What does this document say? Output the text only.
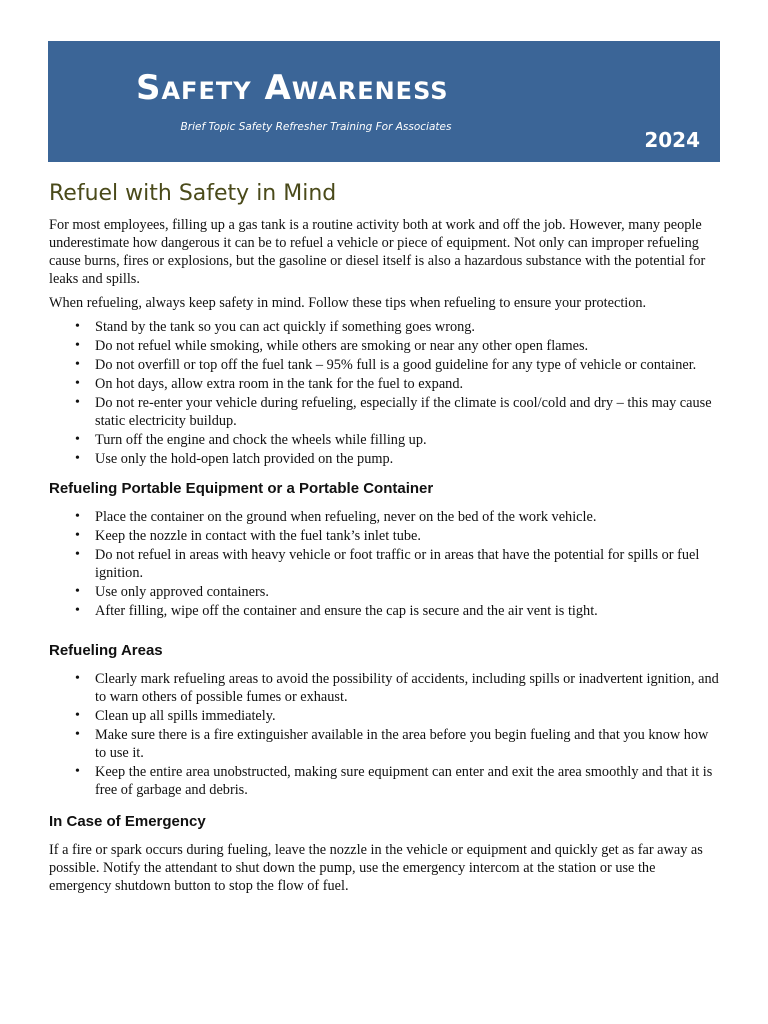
Safety Awareness
Brief Topic Safety Refresher Training For Associates
2024
Refuel with Safety in Mind

For most employees, filling up a gas tank is a routine activity both at work and off the job. However, many people underestimate how dangerous it can be to refuel a vehicle or piece of equipment. Not only can improper refueling cause burns, fires or explosions, but the gasoline or diesel itself is also a hazardous substance with the potential for leaks and spills.

When refueling, always keep safety in mind. Follow these tips when refueling to ensure your protection.

• Stand by the tank so you can act quickly if something goes wrong.
• Do not refuel while smoking, while others are smoking or near any other open flames.
• Do not overfill or top off the fuel tank – 95% full is a good guideline for any type of vehicle or container.
• On hot days, allow extra room in the tank for the fuel to expand.
• Do not re-enter your vehicle during refueling, especially if the climate is cool/cold and dry – this may cause static electricity buildup.
• Turn off the engine and chock the wheels while filling up.
• Use only the hold-open latch provided on the pump.
Refueling Portable Equipment or a Portable Container
• Place the container on the ground when refueling, never on the bed of the work vehicle.
• Keep the nozzle in contact with the fuel tank’s inlet tube.
• Do not refuel in areas with heavy vehicle or foot traffic or in areas that have the potential for spills or fuel ignition.
• Use only approved containers.
• After filling, wipe off the container and ensure the cap is secure and the air vent is tight.
Refueling Areas
• Clearly mark refueling areas to avoid the possibility of accidents, including spills or inadvertent ignition, and to warn others of possible fumes or exhaust.
• Clean up all spills immediately.
• Make sure there is a fire extinguisher available in the area before you begin fueling and that you know how to use it.
• Keep the entire area unobstructed, making sure equipment can enter and exit the area smoothly and that it is free of garbage and debris.
In Case of Emergency

If a fire or spark occurs during fueling, leave the nozzle in the vehicle or equipment and quickly get as far away as possible. Notify the attendant to shut down the pump, use the emergency intercom at the station or use the emergency shutdown button to stop the flow of fuel.
